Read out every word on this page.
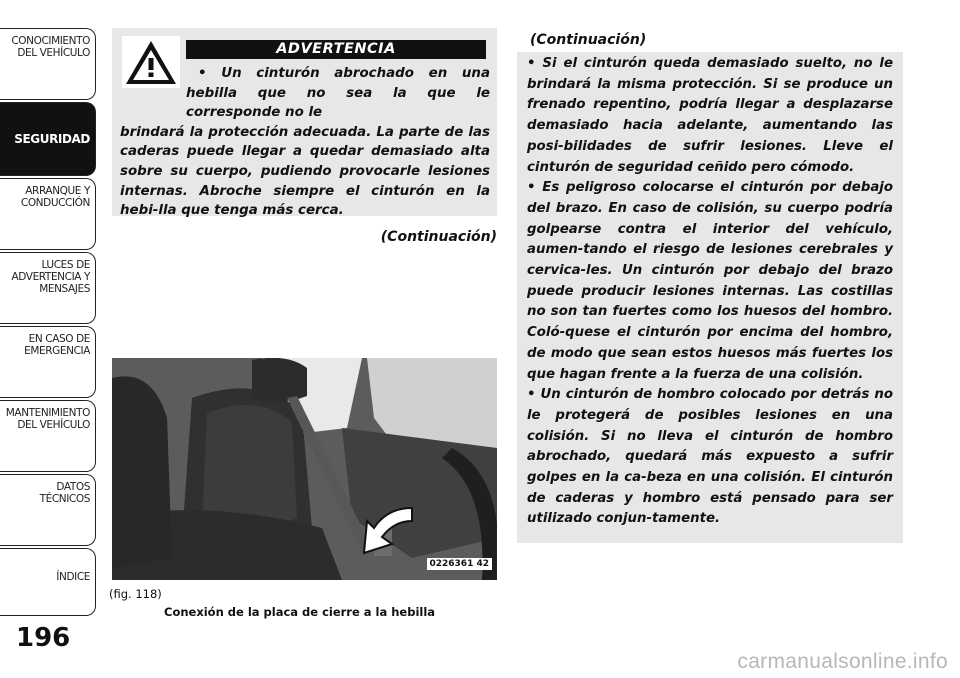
CONOCIMIENTO
DEL VEHÍCULO
SEGURIDAD
ARRANQUE Y
CONDUCCIÓN
LUCES DE
ADVERTENCIA Y
MENSAJES
EN CASO DE
EMERGENCIA
MANTENIMIENTO
DEL VEHÍCULO
DATOS
TÉCNICOS
ÍNDICE
196
ADVERTENCIA
• Un cinturón abrochado en una hebilla que no sea la que le corresponde no le
brindará la protección adecuada. La parte de las caderas puede llegar a quedar demasiado alta sobre su cuerpo, pudiendo provocarle lesiones internas. Abroche siempre el cinturón en la hebi-lla que tenga más cerca.
(Continuación)
0226361 42
(fig. 118)
Conexión de la placa de cierre a la hebilla
(Continuación)

• Si el cinturón queda demasiado suelto, no le brindará la misma protección. Si se produce un frenado repentino, podría llegar a desplazarse demasiado hacia adelante, aumentando las posi-bilidades de sufrir lesiones. Lleve el cinturón de seguridad ceñido pero cómodo.

• Es peligroso colocarse el cinturón por debajo del brazo. En caso de colisión, su cuerpo podría golpearse contra el interior del vehículo, aumen-tando el riesgo de lesiones cerebrales y cervica-les. Un cinturón por debajo del brazo puede producir lesiones internas. Las costillas no son tan fuertes como los huesos del hombro. Coló-quese el cinturón por encima del hombro, de modo que sean estos huesos más fuertes los que hagan frente a la fuerza de una colisión.

• Un cinturón de hombro colocado por detrás no le protegerá de posibles lesiones en una colisión. Si no lleva el cinturón de hombro abrochado, quedará más expuesto a sufrir golpes en la ca-beza en una colisión. El cinturón de caderas y hombro está pensado para ser utilizado conjun-tamente.

carmanualsonline.info
